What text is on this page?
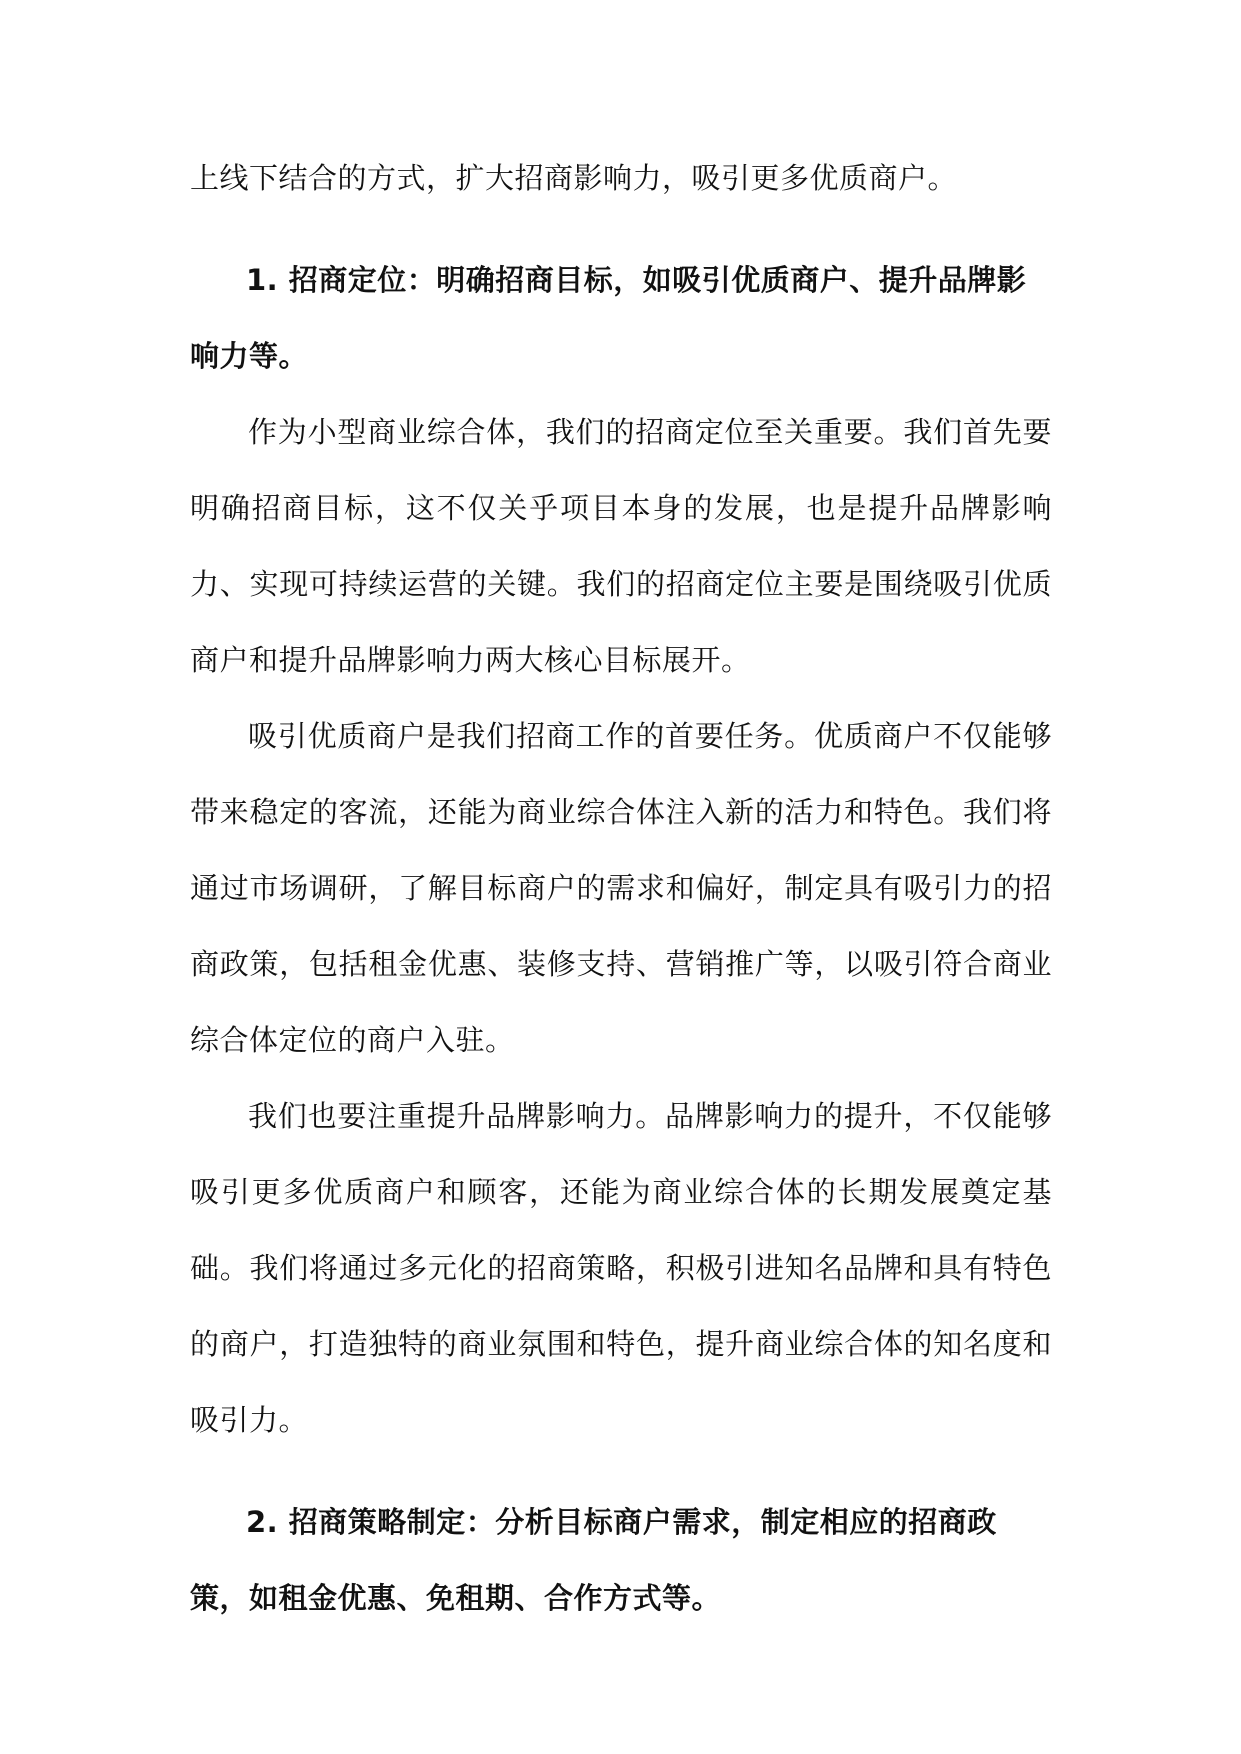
上线下结合的方式，扩大招商影响力，吸引更多优质商户。

1. 招商定位：明确招商目标，如吸引优质商户、提升品牌影响力等。

作为小型商业综合体，我们的招商定位至关重要。我们首先要明确招商目标，这不仅关乎项目本身的发展，也是提升品牌影响力、实现可持续运营的关键。我们的招商定位主要是围绕吸引优质商户和提升品牌影响力两大核心目标展开。

吸引优质商户是我们招商工作的首要任务。优质商户不仅能够带来稳定的客流，还能为商业综合体注入新的活力和特色。我们将通过市场调研，了解目标商户的需求和偏好，制定具有吸引力的招商政策，包括租金优惠、装修支持、营销推广等，以吸引符合商业综合体定位的商户入驻。

我们也要注重提升品牌影响力。品牌影响力的提升，不仅能够吸引更多优质商户和顾客，还能为商业综合体的长期发展奠定基础。我们将通过多元化的招商策略，积极引进知名品牌和具有特色的商户，打造独特的商业氛围和特色，提升商业综合体的知名度和吸引力。

2. 招商策略制定：分析目标商户需求，制定相应的招商政策，如租金优惠、免租期、合作方式等。
